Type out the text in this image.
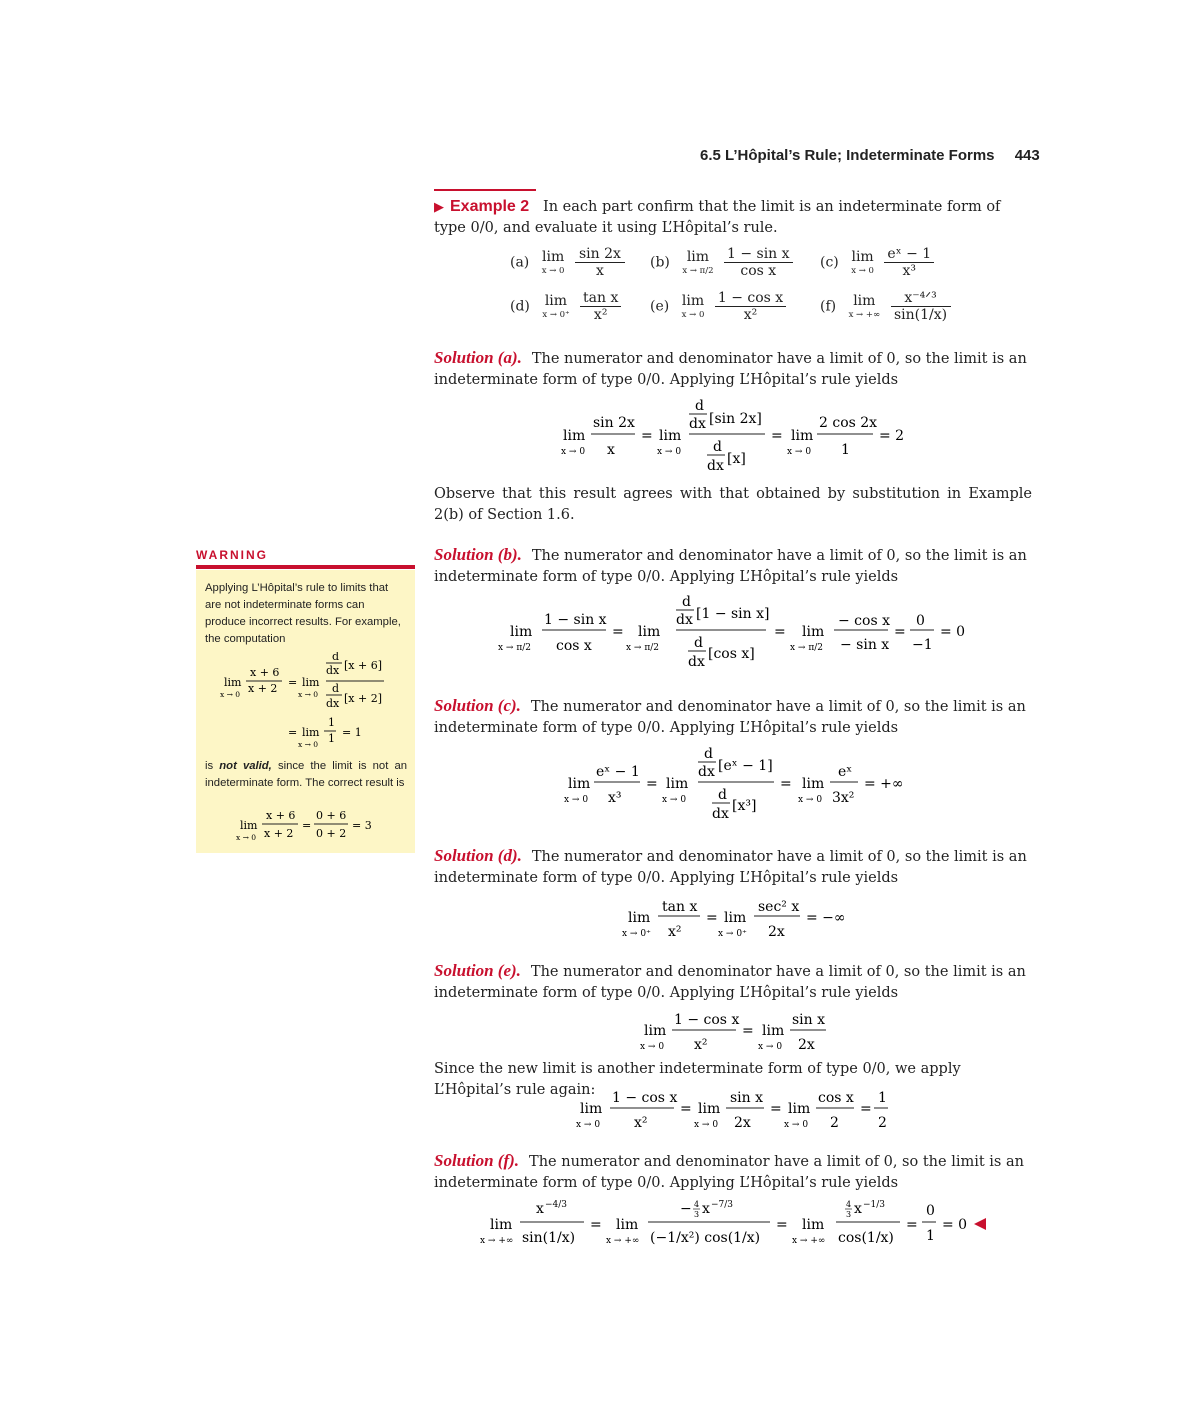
6.5 L’Hôpital’s Rule; Indeterminate Forms 443
▶ Example 2 In each part confirm that the limit is an indeterminate form of type 0/0, and evaluate it using L’Hôpital’s rule.
(a) lim
x → 0
$\frac{\sin 2x}{x} (b)$ lim
x → π/2
$\frac{\text{1 − sin x}}{\text{cos x}} (c)$ lim
x → 0
$\frac{\text{eˣ − 1}}{\text{x³}}$
(d) lim
x → 0⁺
$\frac{\text{tan x}}{\text{x²}} (e)$ lim
x → 0
$\frac{\text{1 − cos x}}{\text{x²}} (f)$ lim
x → +∞
$\frac{\text{x⁻⁴ᐟ³}}{\sin(1/x)}$
Solution (a). The numerator and denominator have a limit of 0, so the limit is an indeterminate form of type 0/0. Applying L’Hôpital’s rule yields
lim
x → 0
sin 2x
x
= lim
x → 0
d
dx [sin 2x]
d
dx [x]
= lim
x → 0
2 cos 2x
1
= 2
Observe that this result agrees with that obtained by substitution in Example 2(b) of Section 1.6.
Solution (b). The numerator and denominator have a limit of 0, so the limit is an indeterminate form of type 0/0. Applying L’Hôpital’s rule yields
lim
x → π/2
1 − sin x
cos x
= lim
x → π/2
d
dx [1 − sin x]
d
dx [cos x]
= lim
x → π/2
− cos x
− sin x
=
0
−1
= 0
Solution (c). The numerator and denominator have a limit of 0, so the limit is an indeterminate form of type 0/0. Applying L’Hôpital’s rule yields
lim
x → 0
eˣ − 1
x³
= lim
x → 0
d
dx [eˣ − 1]
d
dx [x³]
= lim
x → 0
eˣ
3x²
= +∞
Solution (d). The numerator and denominator have a limit of 0, so the limit is an indeterminate form of type 0/0. Applying L’Hôpital’s rule yields
lim
x → 0⁺
tan x
x²
= lim
x → 0⁺
sec² x
2x
= −∞
Solution (e). The numerator and denominator have a limit of 0, so the limit is an indeterminate form of type 0/0. Applying L’Hôpital’s rule yields
lim
x → 0
1 − cos x
x²
= lim
x → 0
sin x
2x
Since the new limit is another indeterminate form of type 0/0, we apply L’Hôpital’s rule again:
lim
x → 0
1 − cos x
x²
= lim
x → 0
sin x
2x
= lim
x → 0
cos x
2
=
1
2
Solution (f). The numerator and denominator have a limit of 0, so the limit is an indeterminate form of type 0/0. Applying L’Hôpital’s rule yields
lim
x → +∞
x −4/3
sin(1/x)
= lim
x → +∞
− 4
3 x −7/3
(−1/x²) cos(1/x)
= lim
x → +∞
4
3 x −1/3
cos(1/x)
=
0
1
= 0
WARNING
Applying L’Hôpital’s rule to limits that are not indeterminate forms can produce incorrect results. For example, the computation
lim
x → 0
x + 6
x + 2 = lim
x → 0
d
dx [x + 6]
d
dx [x + 2]
= lim
x → 0
1
1 = 1
is not valid, since the limit is not an indeterminate form. The correct result is
lim
x → 0
x + 6
x + 2
=
0 + 6
0 + 2
= 3
